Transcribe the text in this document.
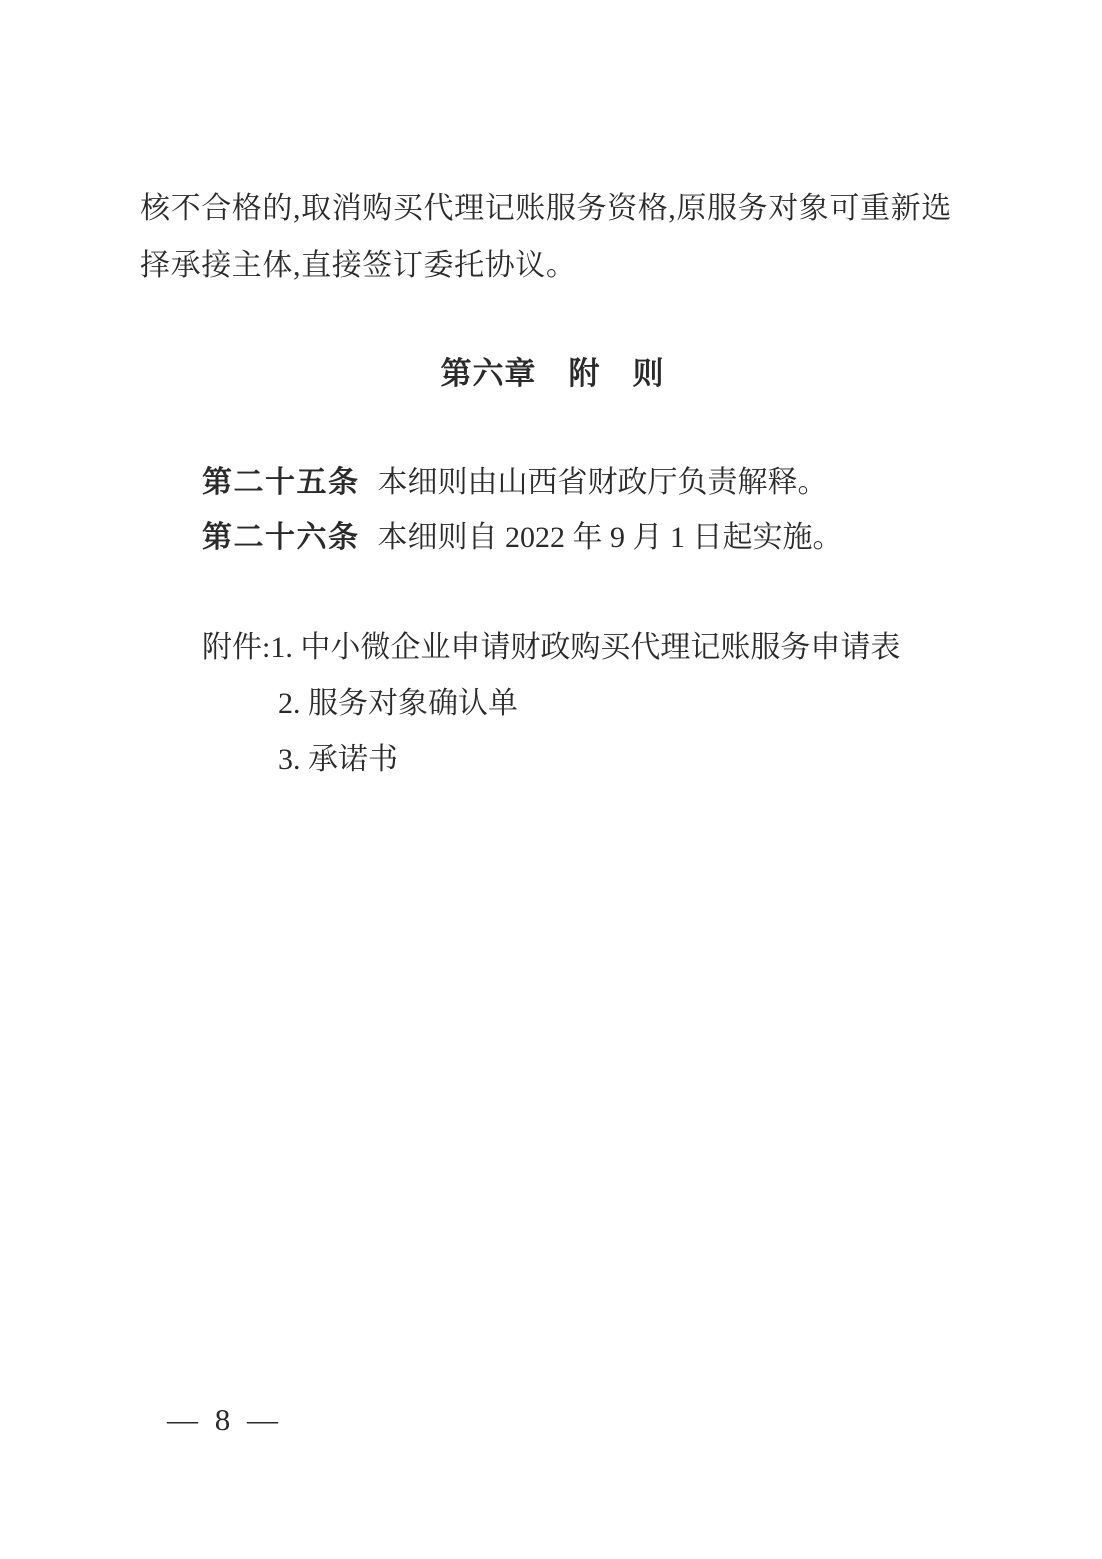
核不合格的,取消购买代理记账服务资格,原服务对象可重新选
择承接主体,直接签订委托协议。
第六章　附　则
第二十五条 本细则由山西省财政厅负责解释。
第二十六条 本细则自 2022 年 9 月 1 日起实施。
附件:1. 中小微企业申请财政购买代理记账服务申请表
2. 服务对象确认单
3. 承诺书
— 8 —
